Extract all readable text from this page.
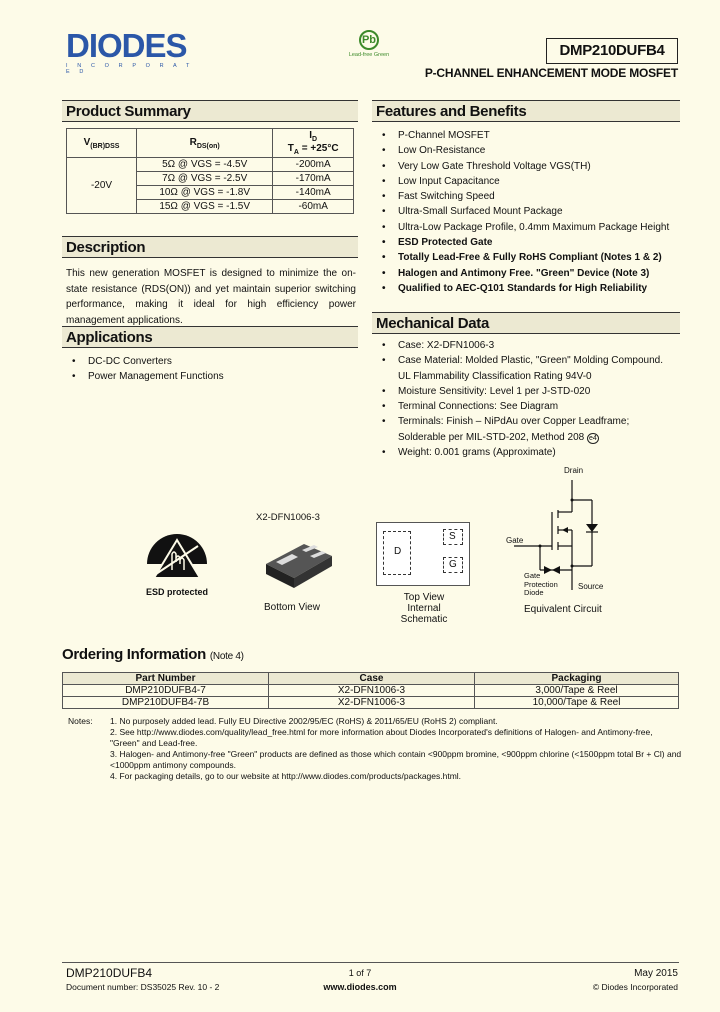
DIODES
I N C O R P O R A T E D
Pb
Lead-free Green	DMP210DUFB4
P-CHANNEL ENHANCEMENT MODE MOSFET
Product Summary
$V_{(BR)DSS}$	$R_{DS(on)}$	$I_D$
$T_A = +25^\circ C$

-20V	5Ω @ VGS = -4.5V	-200mA
	7Ω @ VGS = -2.5V	-170mA
	10Ω @ VGS = -1.8V	-140mA
	15Ω @ VGS = -1.5V	-60mA
Description
This new generation MOSFET is designed to minimize the on-state resistance (RDS(ON)) and yet maintain superior switching performance, making it ideal for high efficiency power management applications.
Applications
• DC-DC Converters
• Power Management Functions
Features and Benefits
• P-Channel MOSFET
• Low On-Resistance
• Very Low Gate Threshold Voltage VGS(TH)
• Low Input Capacitance
• Fast Switching Speed
• Ultra-Small Surfaced Mount Package
• Ultra-Low Package Profile, 0.4mm Maximum Package Height
• ESD Protected Gate
• Totally Lead-Free & Fully RoHS Compliant (Notes 1 & 2)
• Halogen and Antimony Free. "Green" Device (Note 3)
• Qualified to AEC-Q101 Standards for High Reliability
Mechanical Data
• Case: X2-DFN1006-3
• Case Material: Molded Plastic, "Green" Molding Compound. UL Flammability Classification Rating 94V-0
• Moisture Sensitivity: Level 1 per J-STD-020
• Terminal Connections: See Diagram
• Terminals: Finish – NiPdAu over Copper Leadframe; Solderable per MIL-STD-202, Method 208 e4
• Weight: 0.001 grams (Approximate)
ESD protected
X2-DFN1006-3
Bottom View
D
S
G
Top View
Internal Schematic
Drain
Gate
Source
Gate
Protection
Diode
Equivalent Circuit
Ordering Information (Note 4)
Part Number	Case	Packaging
DMP210DUFB4-7	X2-DFN1006-3	3,000/Tape & Reel
DMP210DUFB4-7B	X2-DFN1006-3	10,000/Tape & Reel
Notes: 1. No purposely added lead. Fully EU Directive 2002/95/EC (RoHS) & 2011/65/EU (RoHS 2) compliant.
2. See http://www.diodes.com/quality/lead_free.html for more information about Diodes Incorporated's definitions of Halogen- and Antimony-free, "Green" and Lead-free.
3. Halogen- and Antimony-free "Green" products are defined as those which contain <900ppm bromine, <900ppm chlorine (<1500ppm total Br + Cl) and <1000ppm antimony compounds.
4. For packaging details, go to our website at http://www.diodes.com/products/packages.html.
DMP210DUFB4
Document number: DS35025 Rev. 10 - 2
1 of 7
www.diodes.com
May 2015
© Diodes Incorporated
